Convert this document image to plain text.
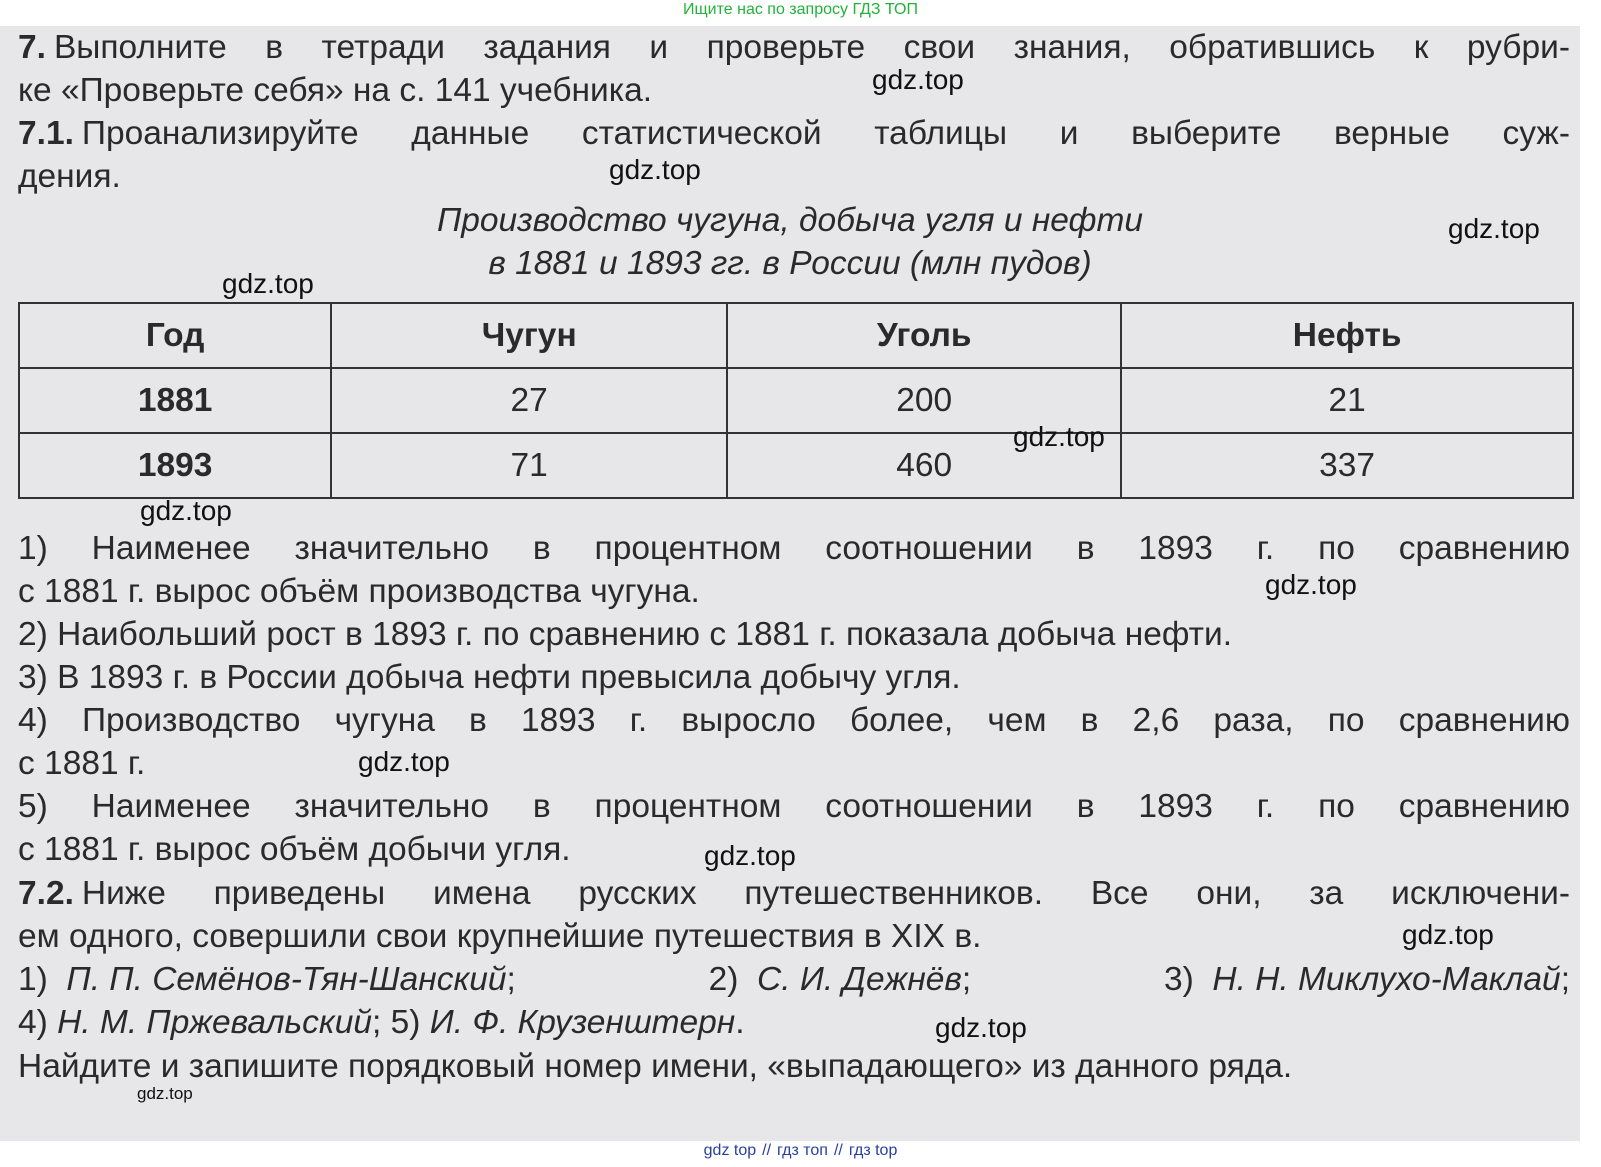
Ищите нас по запросу ГДЗ ТОП
7. Выполните в тетради задания и проверьте свои знания, обратившись к рубри-
ке «Проверьте себя» на с. 141 учебника.
7.1. Проанализируйте данные статистической таблицы и выберите верные суж-
дения.
Производство чугуна, добыча угля и нефти
в 1881 и 1893 гг. в России (млн пудов)
Год	Чугун	Уголь	Нефть
1881	27	200	21
1893	71	460	337
1) Наименее значительно в процентном соотношении в 1893 г. по сравнению
с 1881 г. вырос объём производства чугуна.
2) Наибольший рост в 1893 г. по сравнению с 1881 г. показала добыча нефти.
3) В 1893 г. в России добыча нефти превысила добычу угля.
4) Производство чугуна в 1893 г. выросло более, чем в 2,6 раза, по сравнению
с 1881 г.
5) Наименее значительно в процентном соотношении в 1893 г. по сравнению
с 1881 г. вырос объём добычи угля.
7.2. Ниже приведены имена русских путешественников. Все они, за исключени-
ем одного, совершили свои крупнейшие путешествия в XIX в.
1) П. П. Семёнов-Тян-Шанский;	2) С. И. Дежнёв;	3) Н. Н. Миклухо-Маклай;
4) Н. М. Пржевальский; 5) И. Ф. Крузенштерн.
Найдите и запишите порядковый номер имени, «выпадающего» из данного ряда.
gdz.top
gdz.top
gdz.top
gdz.top
gdz.top
gdz.top
gdz.top
gdz.top
gdz.top
gdz.top
gdz.top
gdz.top
gdz top // гдз топ // гдз top
